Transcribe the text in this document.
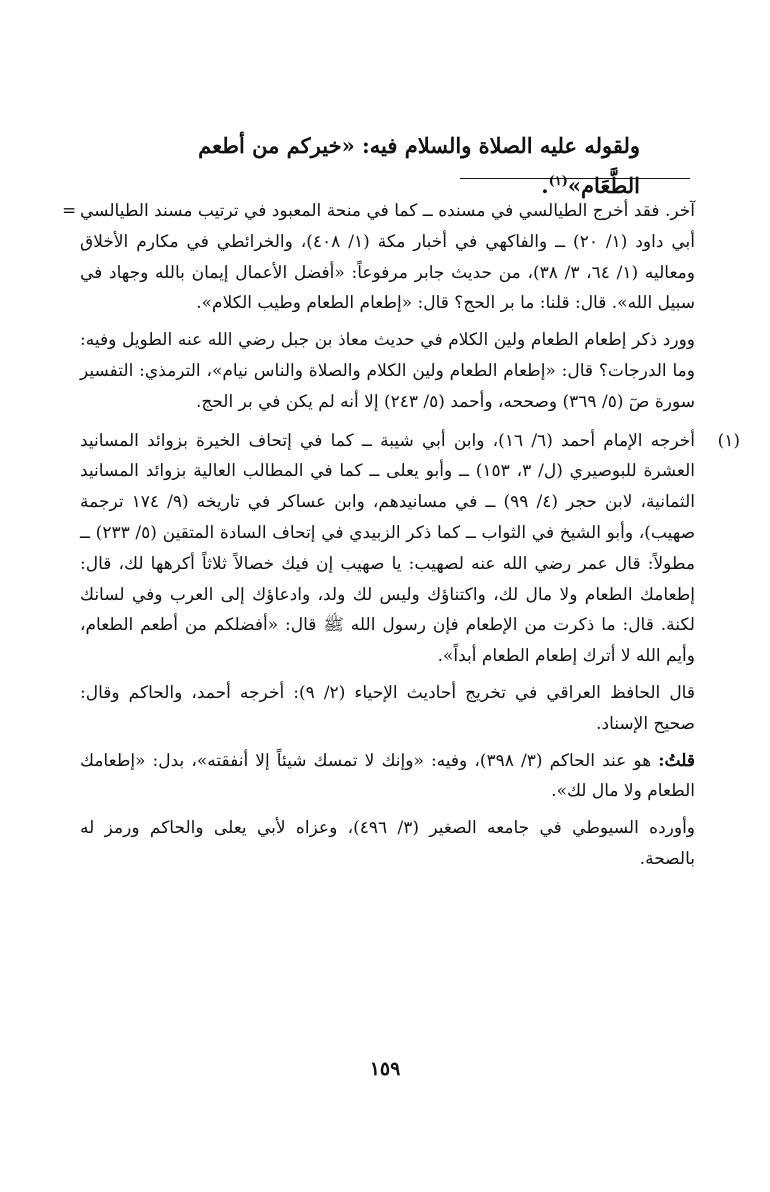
ولقوله عليه الصلاة والسلام فيه: «خيركم من أطعم الطَّعَام»$^{(١)}$.
= آخر. فقد أخرج الطيالسي في مسنده ــ كما في منحة المعبود في ترتيب مسند الطيالسي أبي داود (١/ ٢٠) ــ والفاكهي في أخبار مكة (١/ ٤٠٨)، والخرائطي في مكارم الأخلاق ومعاليه (١/ ٦٤، ٣/ ٣٨)، من حديث جابر مرفوعاً: «أفضل الأعمال إيمان بالله وجهاد في سبيل الله». قال: قلنا: ما بر الحج؟ قال: «إطعام الطعام وطيب الكلام».

وورد ذكر إطعام الطعام ولين الكلام في حديث معاذ بن جبل رضي الله عنه الطويل وفيه: وما الدرجات؟ قال: «إطعام الطعام ولين الكلام والصلاة والناس نيام»، الترمذي: التفسير سورة صٓ (٥/ ٣٦٩) وصححه، وأحمد (٥/ ٢٤٣) إلا أنه لم يكن في بر الحج.

(١)

أخرجه الإمام أحمد (٦/ ١٦)، وابن أبي شيبة ــ كما في إتحاف الخيرة بزوائد المسانيد العشرة للبوصيري (ل/ ٣، ١٥٣) ــ وأبو يعلى ــ كما في المطالب العالية بزوائد المسانيد الثمانية، لابن حجر (٤/ ٩٩) ــ في مسانيدهم، وابن عساكر في تاريخه (٩/ ١٧٤ ترجمة صهيب)، وأبو الشيخ في الثواب ــ كما ذكر الزبيدي في إتحاف السادة المتقين (٥/ ٢٣٣) ــ مطولاً: قال عمر رضي الله عنه لصهيب: يا صهيب إن فيك خصالاً ثلاثاً أكرهها لك، قال: إطعامك الطعام ولا مال لك، واكتناؤك وليس لك ولد، وادعاؤك إلى العرب وفي لسانك لكنة. قال: ما ذكرت من الإطعام فإن رسول الله ﷺ قال: «أفضلكم من أطعم الطعام، وأيم الله لا أترك إطعام الطعام أبداً».

قال الحافظ العراقي في تخريج أحاديث الإحياء (٢/ ٩): أخرجه أحمد، والحاكم وقال: صحيح الإسناد.

قلتُ: هو عند الحاكم (٣/ ٣٩٨)، وفيه: «وإنك لا تمسك شيئاً إلا أنفقته»، بدل: «إطعامك الطعام ولا مال لك».

وأورده السيوطي في جامعه الصغير (٣/ ٤٩٦)، وعزاه لأبي يعلى والحاكم ورمز له بالصحة.

١٥٩
